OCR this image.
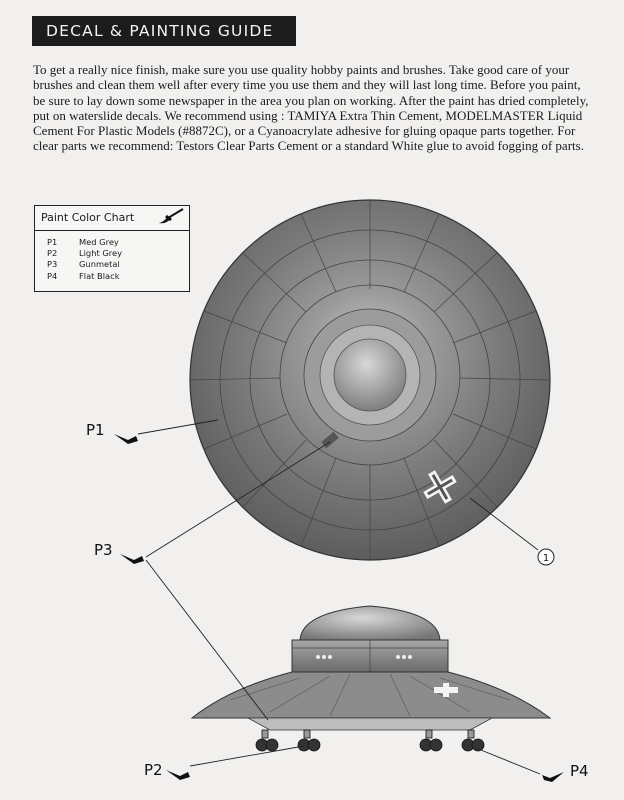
DECAL & PAINTING GUIDE

To get a really nice finish, make sure you use quality hobby paints and brushes. Take good care of your brushes and clean them well after every time you use them and they will last long time. Before you paint, be sure to lay down some newspaper in the area you plan on working. After the paint has dried completely, put on waterslide decals. We recommend using : TAMIYA Extra Thin Cement, MODELMASTER Liquid Cement For Plastic Models (#8872C), or a Cyanoacrylate adhesive for gluing opaque parts together. For clear parts we recommend: Testors Clear Parts Cement or a standard White glue to avoid fogging of parts.

Paint Color Chart
P1	Med Grey
P2	Light Grey
P3	Gunmetal
P4	Flat Black
1
P1
P3
P2	P4
